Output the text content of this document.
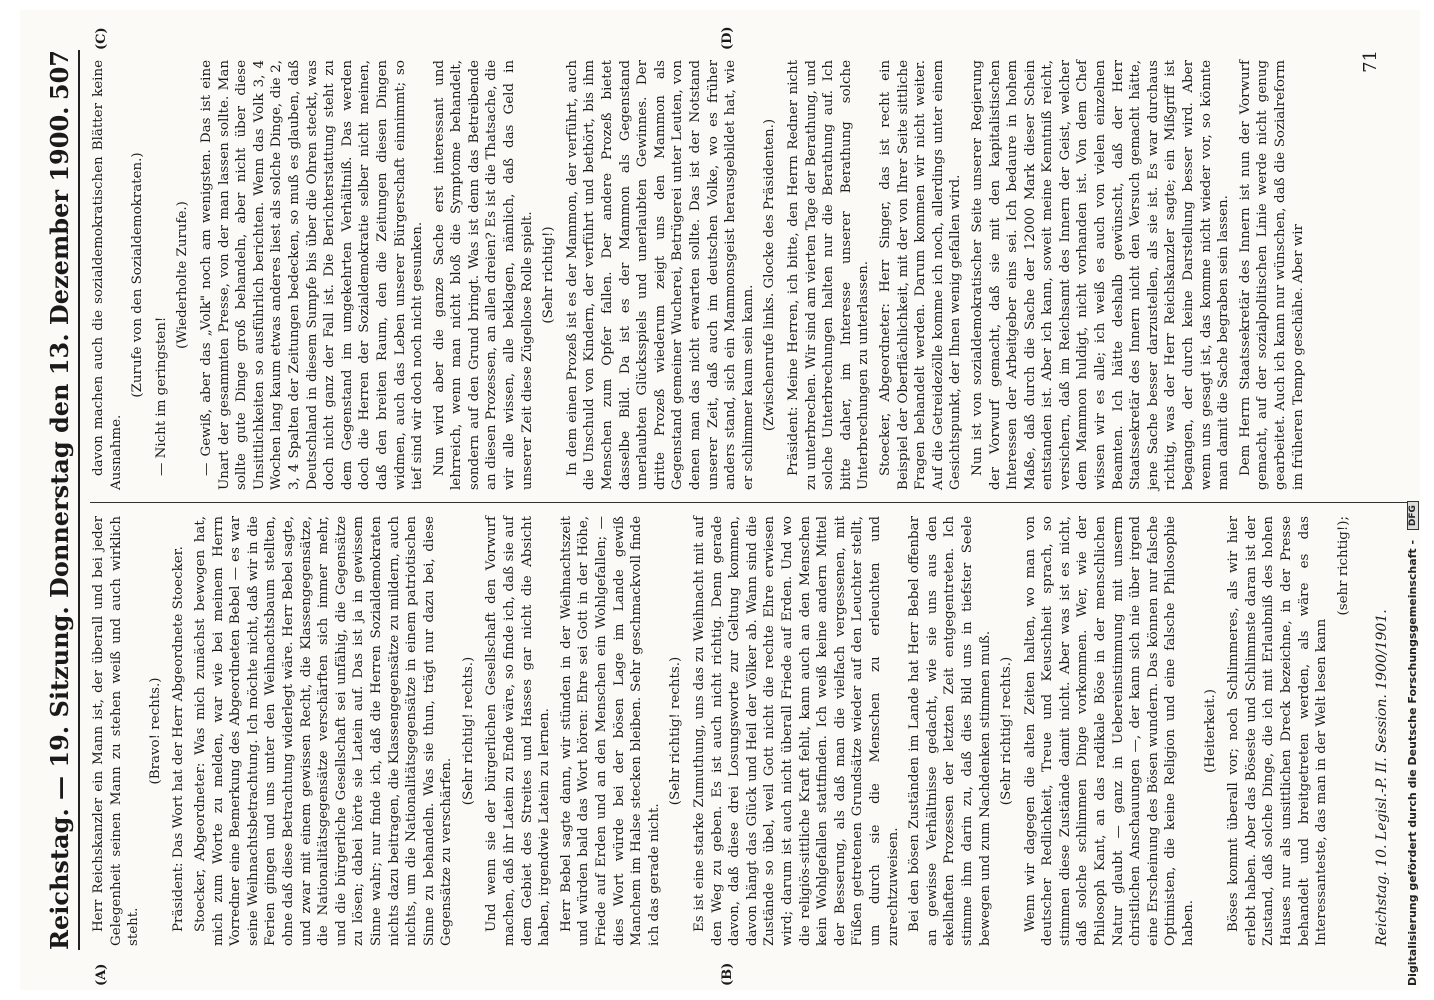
Reichstag. — 19. Sitzung. Donnerstag den 13. Dezember 1900.
507
(A)	(B)
(C)	(D)

Herr Reichskanzler ein Mann ist, der überall und bei jeder Gelegenheit seinen Mann zu stehen weiß und auch wirklich steht.

(Bravo! rechts.) Präsident: Das Wort hat der Herr Abgeordnete Stoecker. Stoecker, Abgeordneter: Was mich zunächst bewogen hat, mich zum Worte zu melden, war wie bei meinem Herrn Vorredner eine Bemerkung des Abgeordneten Bebel — es war seine Weihnachtsbetrachtung. Ich möchte nicht, daß wir in die Ferien gingen und uns unter den Weihnachtsbaum stellten, ohne daß diese Betrachtung widerlegt wäre. Herr Bebel sagte, und zwar mit einem gewissen Recht, die Klassengegensätze, die Nationalitätsgegensätze verschärften sich immer mehr, und die bürgerliche Gesellschaft sei unfähig, die Gegensätze zu lösen; dabei hörte sie Latein auf. Das ist ja in gewissem Sinne wahr; nur finde ich, daß die Herren Sozialdemokraten nichts dazu beitragen, die Klassengegensätze zu mildern, auch nichts, um die Nationalitätsgegensätze in einem patriotischen Sinne zu behandeln. Was sie thun, trägt nur dazu bei, diese Gegensätze zu verschärfen.

(Sehr richtig! rechts.) Und wenn sie der bürgerlichen Gesellschaft den Vorwurf machen, daß ihr Latein zu Ende wäre, so finde ich, daß sie auf dem Gebiet des Streites und Hasses gar nicht die Absicht haben, irgendwie Latein zu lernen. Herr Bebel sagte dann, wir stünden in der Weihnachtszeit und würden bald das Wort hören: Ehre sei Gott in der Höhe, Friede auf Erden und an den Menschen ein Wohlgefallen; — dies Wort würde bei der bösen Lage im Lande gewiß Manchem im Halse stecken bleiben. Sehr geschmackvoll finde ich das gerade nicht.

(Sehr richtig! rechts.) Es ist eine starke Zumuthung, uns das zu Weihnacht mit auf den Weg zu geben. Es ist auch nicht richtig. Denn gerade davon, daß diese drei Losungsworte zur Geltung kommen, davon hängt das Glück und Heil der Völker ab. Wann sind die Zustände so übel, weil Gott nicht die rechte Ehre erwiesen wird; darum ist auch nicht überall Friede auf Erden. Und wo die religiös-sittliche Kraft fehlt, kann auch an den Menschen kein Wohlgefallen stattfinden. Ich weiß keine andern Mittel der Besserung, als daß man die vielfach vergessenen, mit Füßen getretenen Grundsätze wieder auf den Leuchter stellt, um durch sie die Menschen zu erleuchten und zurechtzuweisen. Bei den bösen Zuständen im Lande hat Herr Bebel offenbar an gewisse Verhältnisse gedacht, wie sie uns aus den ekelhaften Prozessen der letzten Zeit entgegentreten. Ich stimme ihm darin zu, daß dies Bild uns in tiefster Seele bewegen und zum Nachdenken stimmen muß. (Sehr richtig! rechts.) Wenn wir dagegen die alten Zeiten halten, wo man von deutscher Redlichkeit, Treue und Keuschheit sprach, so stimmen diese Zustände damit nicht. Aber was ist es nicht, daß solche schlimmen Dinge vorkommen. Wer, wie der Philosoph Kant, an das radikale Böse in der menschlichen Natur glaubt — ganz in Uebereinstimmung mit unserm christlichen Anschauungen —, der kann sich nie über irgend eine Erscheinung des Bösen wundern. Das können nur falsche Optimisten, die keine Religion und eine falsche Philosophie haben.

(Heiterkeit.) Böses kommt überall vor; noch Schlimmeres, als wir hier erlebt haben. Aber das Böseste und Schlimmste daran ist der Zustand, daß solche Dinge, die ich mit Erlaubniß des hohen Hauses nur als unsittlichen Dreck bezeichne, in der Presse behandelt und breitgetreten werden, als wäre es das Interessanteste, das man in der Welt lesen kann

(sehr richtig!);

davon machen auch die sozialdemokratischen Blätter keine Ausnahme.

(Zurufe von den Sozialdemokraten.) — Nicht im geringsten!

(Wiederholte Zurufe.) — Gewiß, aber das „Volk" noch am wenigsten. Das ist eine Unart der gesammten Presse, von der man lassen sollte. Man sollte gute Dinge groß behandeln, aber nicht über diese Unsittlichkeiten so ausführlich berichten. Wenn das Volk 3, 4 Wochen lang kaum etwas anderes liest als solche Dinge, die 2, 3, 4 Spalten der Zeitungen bedecken, so muß es glauben, daß Deutschland in diesem Sumpfe bis über die Ohren steckt, was doch nicht ganz der Fall ist. Die Berichterstattung steht zu dem Gegenstand im umgekehrten Verhältniß. Das werden doch die Herren der Sozialdemokratie selber nicht meinen, daß den breiten Raum, den die Zeitungen diesen Dingen widmen, auch das Leben unserer Bürgerschaft einnimmt; so tief sind wir doch noch nicht gesunken. Nun wird aber die ganze Sache erst interessant und lehrreich, wenn man nicht bloß die Symptome behandelt, sondern auf den Grund bringt. Was ist denn das Betreibende an diesen Prozessen, an allen dreien? Es ist die Thatsache, die wir alle wissen, alle beklagen, nämlich, daß das Geld in unserer Zeit diese Zügellose Rolle spielt. (Sehr richtig!) In dem einen Prozeß ist es der Mammon, der verführt, auch die Unschuld von Kindern, der verführt und bethört, bis ihm Menschen zum Opfer fallen. Der andere Prozeß bietet dasselbe Bild. Da ist es der Mammon als Gegenstand unerlaubten Glücksspiels und unerlaubten Gewinnes. Der dritte Prozeß wiederum zeigt uns den Mammon als Gegenstand gemeiner Wucherei, Betrügerei unter Leuten, von denen man das nicht erwarten sollte. Das ist der Notstand unserer Zeit, daß auch im deutschen Volke, wo es früher anders stand, sich ein Mammonsgeist herausgebildet hat, wie er schlimmer kaum sein kann. (Zwischenrufe links. Glocke des Präsidenten.) Präsident: Meine Herren, ich bitte, den Herrn Redner nicht zu unterbrechen. Wir sind am vierten Tage der Berathung, und solche Unterbrechungen halten nur die Berathung auf. Ich bitte daher, im Interesse unserer Berathung solche Unterbrechungen zu unterlassen. Stoecker, Abgeordneter: Herr Singer, das ist recht ein Beispiel der Oberflächlichkeit, mit der von Ihrer Seite sittliche Fragen behandelt werden. Darum kommen wir nicht weiter. Auf die Getreidezölle komme ich noch, allerdings unter einem Gesichtspunkt, der Ihnen wenig gefallen wird. Nun ist von sozialdemokratischer Seite unserer Regierung der Vorwurf gemacht, daß sie mit den kapitalistischen Interessen der Arbeitgeber eins sei. Ich bedaure in hohem Maße, daß durch die Sache der 12000 Mark dieser Schein entstanden ist. Aber ich kann, soweit meine Kenntniß reicht, versichern, daß im Reichsamt des Innern der Geist, welcher dem Mammon huldigt, nicht vorhanden ist. Von dem Chef wissen wir es alle; ich weiß es auch von vielen einzelnen Beamten. Ich hätte deshalb gewünscht, daß der Herr Staatssekretär des Innern nicht den Versuch gemacht hätte, jene Sache besser darzustellen, als sie ist. Es war durchaus richtig, was der Herr Reichskanzler sagte; ein Mißgriff ist begangen, der durch keine Darstellung besser wird. Aber wenn uns gesagt ist, das komme nicht wieder vor, so könnte man damit die Sache begraben sein lassen. Dem Herrn Staatssekretär des Innern ist nun der Vorwurf gemacht, auf der sozialpolitischen Linie werde nicht genug gearbeitet. Auch ich kann nur wünschen, daß die Sozialreform im früheren Tempo geschähe. Aber wir

Reichstag. 10. Legisl.-P. II. Session. 1900/1901.
71
Digitalisierung gefördert durch die Deutsche Forschungsgemeinschaft - DFG
